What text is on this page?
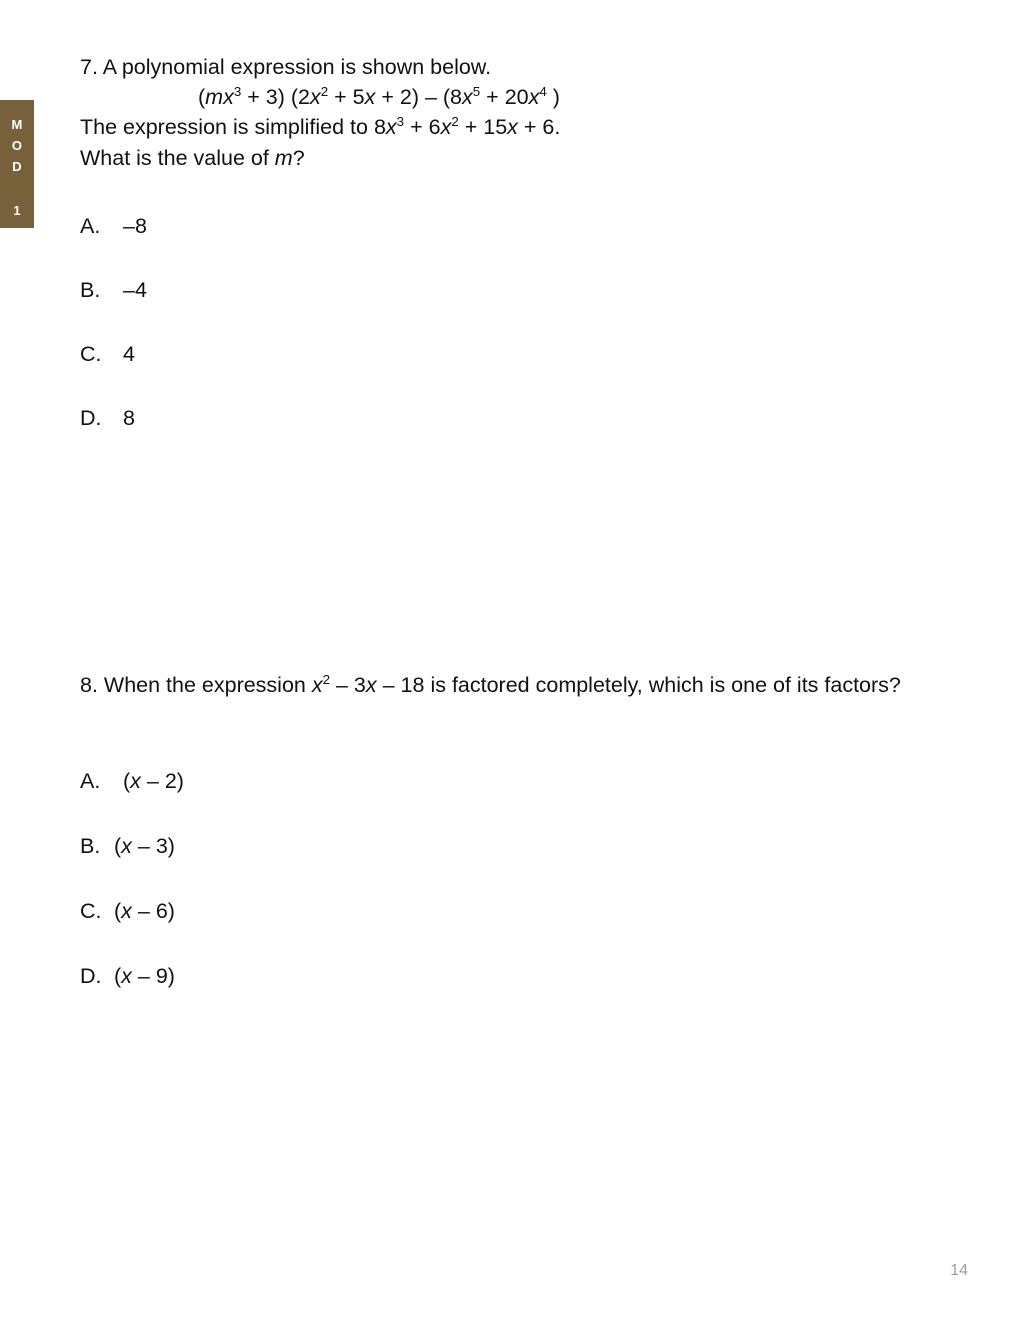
M
O
D
1
7. A polynomial expression is shown below.
$(mx^3 + 3) (2x^2 + 5x + 2) - (8x^5 + 20x^4$ )
The expression is simplified to $8x^3 + 6x^2 + 15x + 6$.
What is the value of m?
A.	–8
B.	–4
C.	4
D.	8
8. When the expression $x^2 - 3x - 18$ is factored completely, which is one of its factors?
A.	(x – 2)
B. (x – 3)
C. (x – 6)
D. (x – 9)
14
